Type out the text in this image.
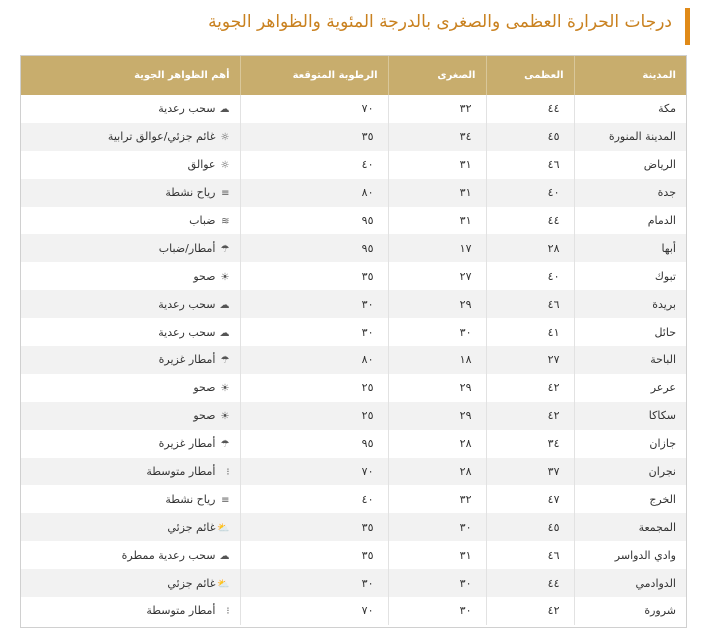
درجات الحرارة العظمى والصغرى بالدرجة المئوية والظواهر الجوية
المدينة	العظمى	الصغرى	الرطوبة المتوقعة	أهم الظواهر الجوية
مكة	٤٤	٣٢	٧٠	☁سحب رعدية
المدينة المنورة	٤٥	٣٤	٣٥	☼غائم جزئي/عوالق ترابية
الرياض	٤٦	٣١	٤٠	☼عوالق
جدة	٤٠	٣١	٨٠	≡رياح نشطة
الدمام	٤٤	٣١	٩٥	≋ضباب
أبها	٢٨	١٧	٩٥	☂أمطار/ضباب
تبوك	٤٠	٢٧	٣٥	☀صحو
بريدة	٤٦	٢٩	٣٠	☁سحب رعدية
حائل	٤١	٣٠	٣٠	☁سحب رعدية
الباحة	٢٧	١٨	٨٠	☂أمطار غزيرة
عرعر	٤٢	٢٩	٢٥	☀صحو
سكاكا	٤٢	٢٩	٢٥	☀صحو
جازان	٣٤	٢٨	٩٥	☂أمطار غزيرة
نجران	٣٧	٢٨	٧٠	⁝أمطار متوسطة
الخرج	٤٧	٣٢	٤٠	≡رياح نشطة
المجمعة	٤٥	٣٠	٣٥	⛅غائم جزئي
وادي الدواسر	٤٦	٣١	٣٥	☁سحب رعدية ممطرة
الدوادمي	٤٤	٣٠	٣٠	⛅غائم جزئي
شرورة	٤٢	٣٠	٧٠	⁝أمطار متوسطة
